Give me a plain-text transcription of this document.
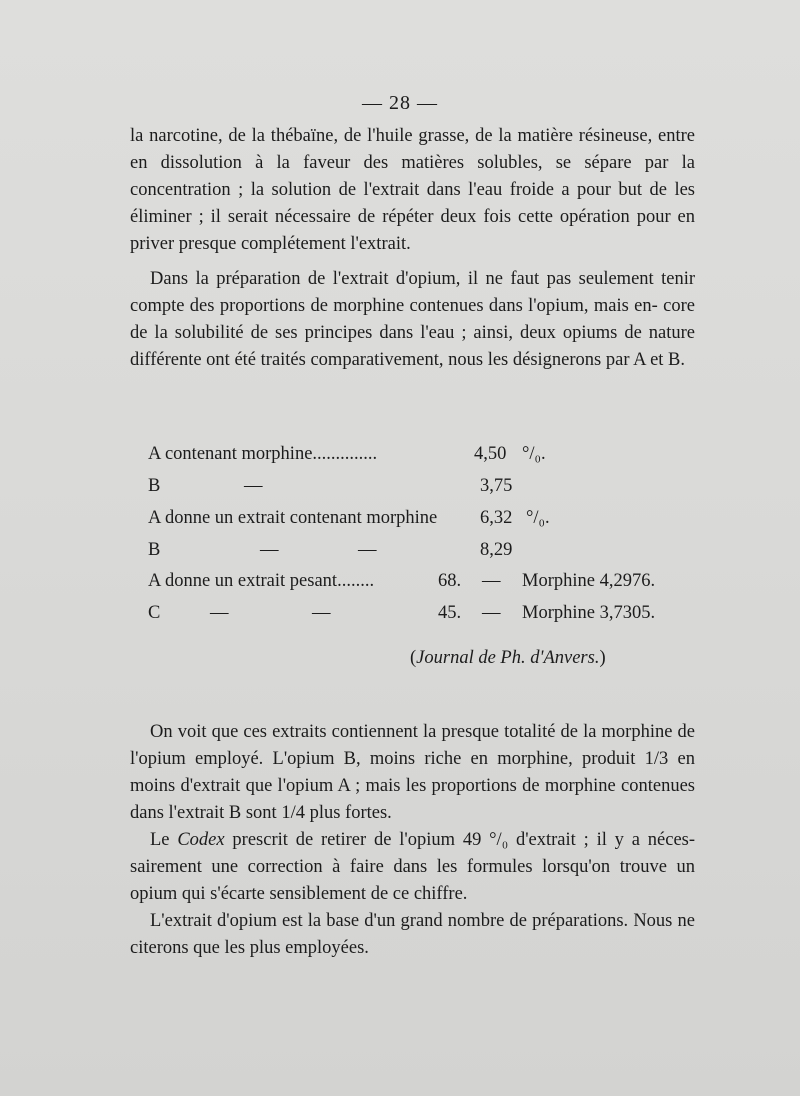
— 28 —

la narcotine, de la thébaïne, de l'huile grasse, de la matière résineuse, entre en dissolution à la faveur des matières solubles, se sépare par la concentration ; la solution de l'extrait dans l'eau froide a pour but de les éliminer ; il serait nécessaire de répéter deux fois cette opération pour en priver presque complétement l'extrait.

Dans la préparation de l'extrait d'opium, il ne faut pas seulement tenir compte des proportions de morphine contenues dans l'opium, mais en- core de la solubilité de ses principes dans l'eau ; ainsi, deux opiums de nature différente ont été traités comparativement, nous les désignerons par A et B.

A contenant morphine..............	4,50 °/₀.
B	—	3,75
A donne un extrait contenant morphine 6,32 °/₀.
B	—	—	8,29
A donne un extrait pesant........	68. — Morphine 4,2976.
C	—	—	45. — Morphine 3,7305.
(Journal de Ph. d'Anvers.)

On voit que ces extraits contiennent la presque totalité de la morphine de l'opium employé. L'opium B, moins riche en morphine, produit 1/3 en moins d'extrait que l'opium A ; mais les proportions de morphine contenues dans l'extrait B sont 1/4 plus fortes.

Le Codex prescrit de retirer de l'opium 49 °/₀ d'extrait ; il y a néces- sairement une correction à faire dans les formules lorsqu'on trouve un opium qui s'écarte sensiblement de ce chiffre.

L'extrait d'opium est la base d'un grand nombre de préparations. Nous ne citerons que les plus employées.
